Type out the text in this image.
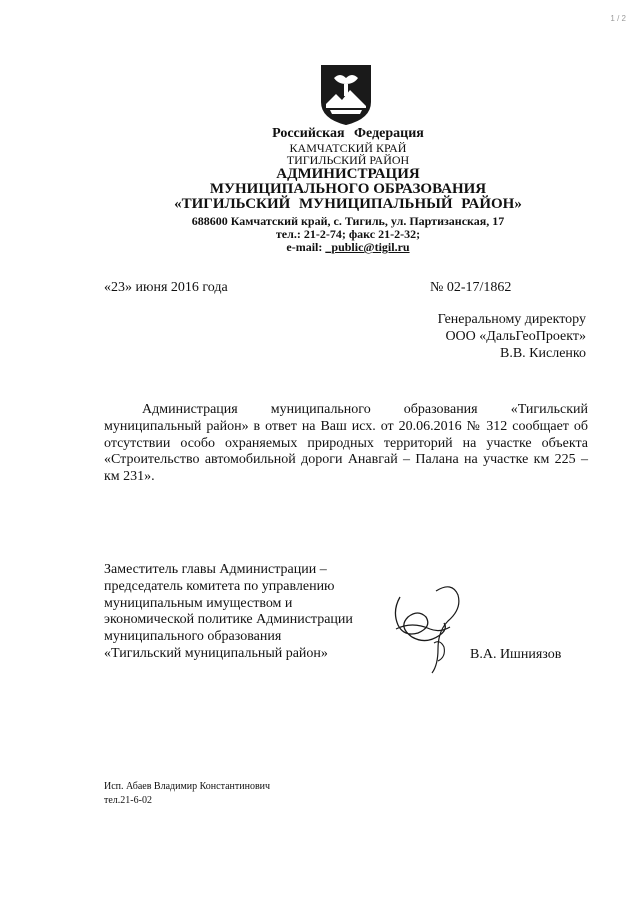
1 / 2
Российская Федерация
КАМЧАТСКИЙ КРАЙ
ТИГИЛЬСКИЙ РАЙОН
АДМИНИСТРАЦИЯ
МУНИЦИПАЛЬНОГО ОБРАЗОВАНИЯ
«ТИГИЛЬСКИЙ МУНИЦИПАЛЬНЫЙ РАЙОН»
688600 Камчатский край, с. Тигиль, ул. Партизанская, 17
тел.: 21-2-74; факс 21-2-32;
e-mail: _public@tigil.ru
«23» июня 2016 года	№ 02-17/1862
Генеральному директору
ООО «ДальГеоПроект»
В.В. Кисленко
Администрация муниципального образования «Тигильский муниципальный район» в ответ на Ваш исх. от 20.06.2016 № 312 сообщает об отсутствии особо охраняемых природных территорий на участке объекта «Строительство автомобильной дороги Анавгай – Палана на участке км 225 – км 231».
Заместитель главы Администрации –
председатель комитета по управлению
муниципальным имуществом и
экономической политике Администрации
муниципального образования
«Тигильский муниципальный район»	В.А. Ишниязов
Исп. Абаев Владимир Константинович
тел.21-6-02
